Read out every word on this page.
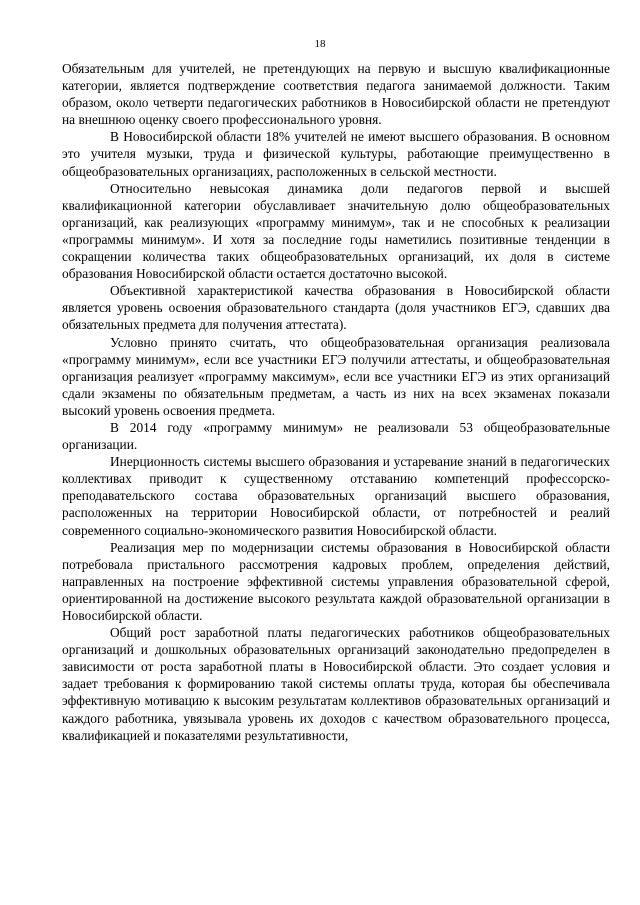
18

Обязательным для учителей, не претендующих на первую и высшую квалификационные категории, является подтверждение соответствия педагога занимаемой должности. Таким образом, около четверти педагогических работников в Новосибирской области не претендуют на внешнюю оценку своего профессионального уровня.

В Новосибирской области 18% учителей не имеют высшего образования. В основном это учителя музыки, труда и физической культуры, работающие преимущественно в общеобразовательных организациях, расположенных в сельской местности.

Относительно невысокая динамика доли педагогов первой и высшей квалификационной категории обуславливает значительную долю общеобразовательных организаций, как реализующих «программу минимум», так и не способных к реализации «программы минимум». И хотя за последние годы наметились позитивные тенденции в сокращении количества таких общеобразовательных организаций, их доля в системе образования Новосибирской области остается достаточно высокой.

Объективной характеристикой качества образования в Новосибирской области является уровень освоения образовательного стандарта (доля участников ЕГЭ, сдавших два обязательных предмета для получения аттестата).

Условно принято считать, что общеобразовательная организация реализовала «программу минимум», если все участники ЕГЭ получили аттестаты, и общеобразовательная организация реализует «программу максимум», если все участники ЕГЭ из этих организаций сдали экзамены по обязательным предметам, а часть из них на всех экзаменах показали высокий уровень освоения предмета.

В 2014 году «программу минимум» не реализовали 53 общеобразовательные организации.

Инерционность системы высшего образования и устаревание знаний в педагогических коллективах приводит к существенному отставанию компетенций профессорско-преподавательского состава образовательных организаций высшего образования, расположенных на территории Новосибирской области, от потребностей и реалий современного социально-экономического развития Новосибирской области.

Реализация мер по модернизации системы образования в Новосибирской области потребовала пристального рассмотрения кадровых проблем, определения действий, направленных на построение эффективной системы управления образовательной сферой, ориентированной на достижение высокого результата каждой образовательной организации в Новосибирской области.

Общий рост заработной платы педагогических работников общеобразовательных организаций и дошкольных образовательных организаций законодательно предопределен в зависимости от роста заработной платы в Новосибирской области. Это создает условия и задает требования к формированию такой системы оплаты труда, которая бы обеспечивала эффективную мотивацию к высоким результатам коллективов образовательных организаций и каждого работника, увязывала уровень их доходов с качеством образовательного процесса, квалификацией и показателями результативности,
